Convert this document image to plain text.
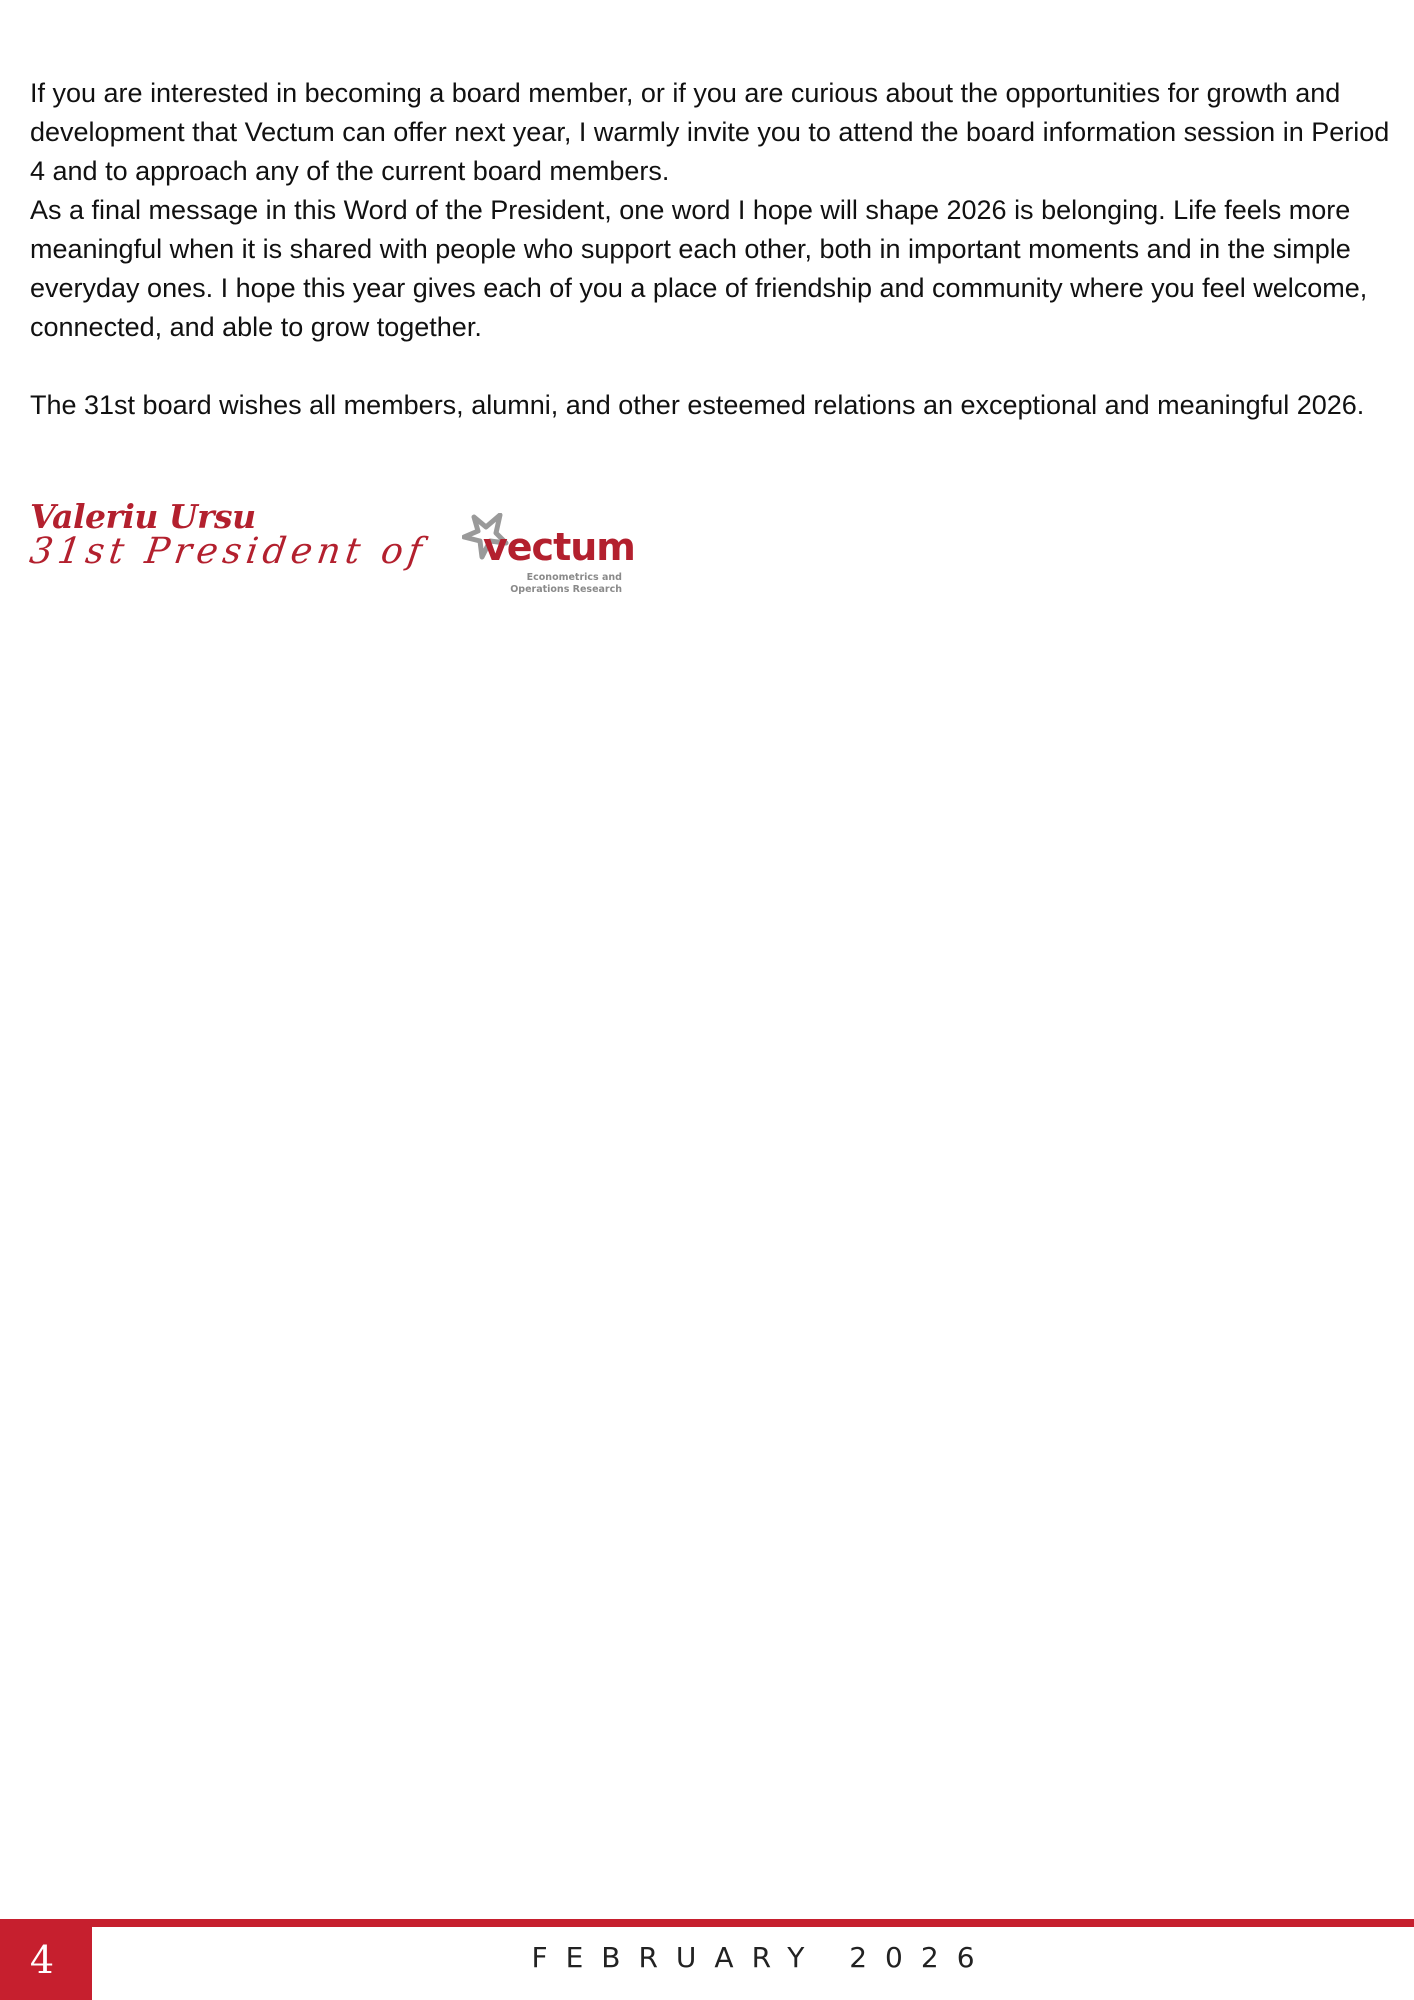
If you are interested in becoming a board member, or if you are curious about the opportunities for growth and development that Vectum can offer next year, I warmly invite you to attend the board information session in Period 4 and to approach any of the current board members.

As a final message in this Word of the President, one word I hope will shape 2026 is belonging. Life feels more meaningful when it is shared with people who support each other, both in important moments and in the simple everyday ones. I hope this year gives each of you a place of friendship and community where you feel welcome, connected, and able to grow together.

The 31st board wishes all members, alumni, and other esteemed relations an exceptional and meaningful 2026.

Valeriu Ursu
31st President of vectum
Econometrics and
Operations Research
4	FEBRUARY 2026
